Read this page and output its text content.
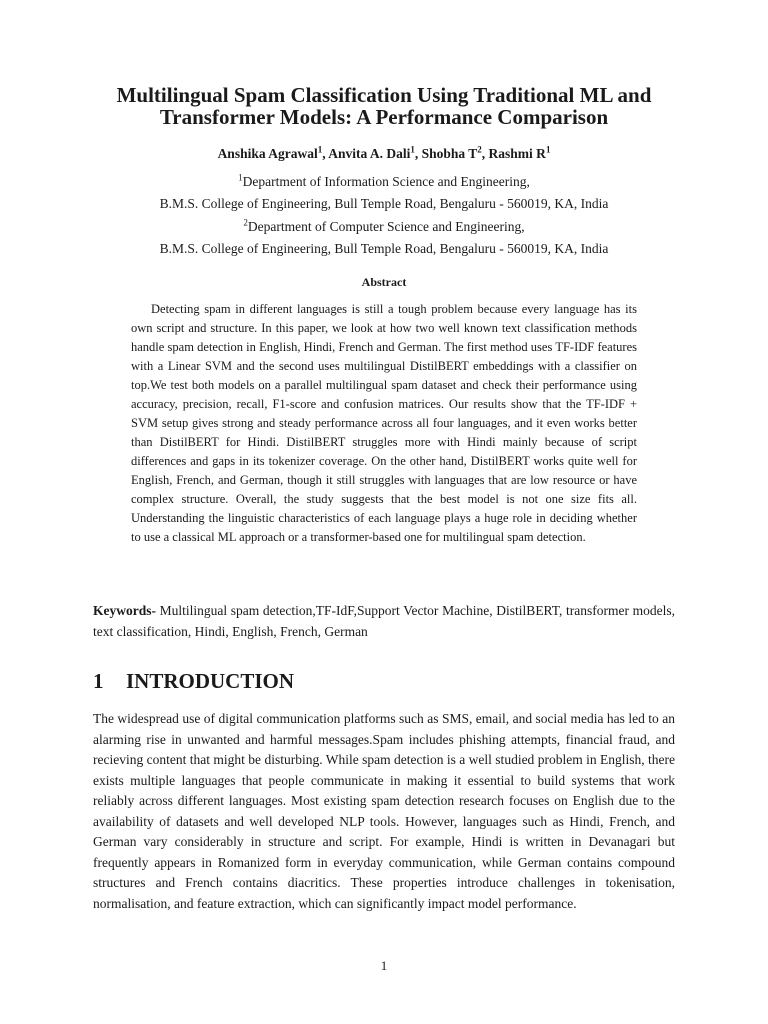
Multilingual Spam Classification Using Traditional ML and
Transformer Models: A Performance Comparison
Anshika Agrawal$^1$, Anvita A. Dali$^1$, Shobha $T^2$, Rashmi $R^1$
$^1$Department of Information Science and Engineering,
B.M.S. College of Engineering, Bull Temple Road, Bengaluru - 560019, KA, India
$^2$Department of Computer Science and Engineering,
B.M.S. College of Engineering, Bull Temple Road, Bengaluru - 560019, KA, India
Abstract

Detecting spam in different languages is still a tough problem because every language has its own script and structure. In this paper, we look at how two well known text classification methods handle spam detection in English, Hindi, French and German. The first method uses TF-IDF features with a Linear SVM and the second uses multilingual DistilBERT embeddings with a classifier on top.We test both models on a parallel multilingual spam dataset and check their performance using accuracy, precision, recall, F1-score and confusion matrices. Our results show that the TF-IDF + SVM setup gives strong and steady performance across all four languages, and it even works better than DistilBERT for Hindi. DistilBERT struggles more with Hindi mainly because of script differences and gaps in its tokenizer coverage. On the other hand, DistilBERT works quite well for English, French, and German, though it still struggles with languages that are low resource or have complex structure. Overall, the study suggests that the best model is not one size fits all. Understanding the linguistic characteristics of each language plays a huge role in deciding whether to use a classical ML approach or a transformer-based one for multilingual spam detection.

Keywords- Multilingual spam detection,TF-IdF,Support Vector Machine, DistilBERT, transformer models, text classification, Hindi, English, French, German

1 INTRODUCTION

The widespread use of digital communication platforms such as SMS, email, and social media has led to an alarming rise in unwanted and harmful messages.Spam includes phishing attempts, financial fraud, and recieving content that might be disturbing. While spam detection is a well studied problem in English, there exists multiple languages that people communicate in making it essential to build systems that work reliably across different languages. Most existing spam detection research focuses on English due to the availability of datasets and well developed NLP tools. However, languages such as Hindi, French, and German vary considerably in structure and script. For example, Hindi is written in Devanagari but frequently appears in Romanized form in everyday communication, while German contains compound structures and French contains diacritics. These properties introduce challenges in tokenisation, normalisation, and feature extraction, which can significantly impact model performance.

1
